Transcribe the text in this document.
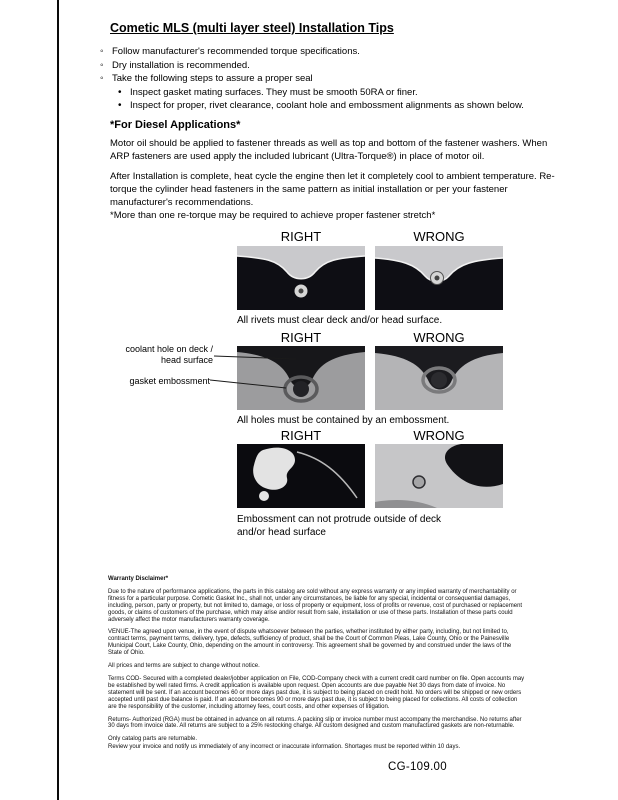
Cometic MLS (multi layer steel) Installation Tips
◦
Follow manufacturer's recommended torque specifications.
◦
Dry installation is recommended.
◦
Take the following steps to assure a proper seal
•
Inspect gasket mating surfaces. They must be smooth 50RA or finer.
•
Inspect for proper, rivet clearance, coolant hole and embossment alignments as shown below.
*For Diesel Applications*

Motor oil should be applied to fastener threads as well as top and bottom of the fastener washers. When ARP fasteners are used apply the included lubricant (Ultra-Torque®) in place of motor oil.

After Installation is complete, heat cycle the engine then let it completely cool to ambient temperature. Re-torque the cylinder head fasteners in the same pattern as initial installation or per your fastener manufacturer's recommendations.

*More than one re-torque may be required to achieve proper fastener stretch*

RIGHT	WRONG
All rivets must clear deck and/or head surface.
RIGHT	WRONG
coolant hole on deck / head surface
gasket embossment
All holes must be contained by an embossment.
RIGHT	WRONG
Embossment can not protrude outside of deck and/or head surface
Warranty Disclaimer*

Due to the nature of performance applications, the parts in this catalog are sold without any express warranty or any implied warranty of merchantability or fitness for a particular purpose. Cometic Gasket Inc., shall not, under any circumstances, be liable for any special, incidental or consequential damages, including, person, party or property, but not limited to, damage, or loss of property or equipment, loss of profits or revenue, cost of purchased or replacement goods, or claims of customers of the purchase, which may arise and/or result from sale, installation or use of these parts. Installation of these parts could adversely affect the motor manufacturers warranty coverage.

VENUE-The agreed upon venue, in the event of dispute whatsoever between the parties, whether instituted by either party, including, but not limited to, contract terms, payment terms, delivery, type, defects, sufficiency of product, shall be the Court of Common Pleas, Lake County, Ohio or the Painesville Municipal Court, Lake County, Ohio, depending on the amount in controversy. This agreement shall be governed by and construed under the laws of the State of Ohio.

All prices and terms are subject to change without notice.

Terms COD- Secured with a completed dealer/jobber application on File, COD-Company check with a current credit card number on file. Open accounts may be established by well rated firms. A credit application is available upon request. Open accounts are due payable Net 30 days from date of invoice. No statement will be sent. If an account becomes 60 or more days past due, it is subject to being placed on credit hold. No orders will be shipped or new orders accepted until past due balance is paid. If an account becomes 90 or more days past due, it is subject to being placed for collections. All costs of collection are the responsibility of the customer, including attorney fees, court costs, and other expenses of litigation.

Returns- Authorized (RGA) must be obtained in advance on all returns. A packing slip or invoice number must accompany the merchandise. No returns after 30 days from invoice date. All returns are subject to a 25% restocking charge. All custom designed and custom manufactured gaskets are non-returnable.

Only catalog parts are returnable.

Review your invoice and notify us immediately of any incorrect or inaccurate information. Shortages must be reported within 10 days.

CG-109.00
